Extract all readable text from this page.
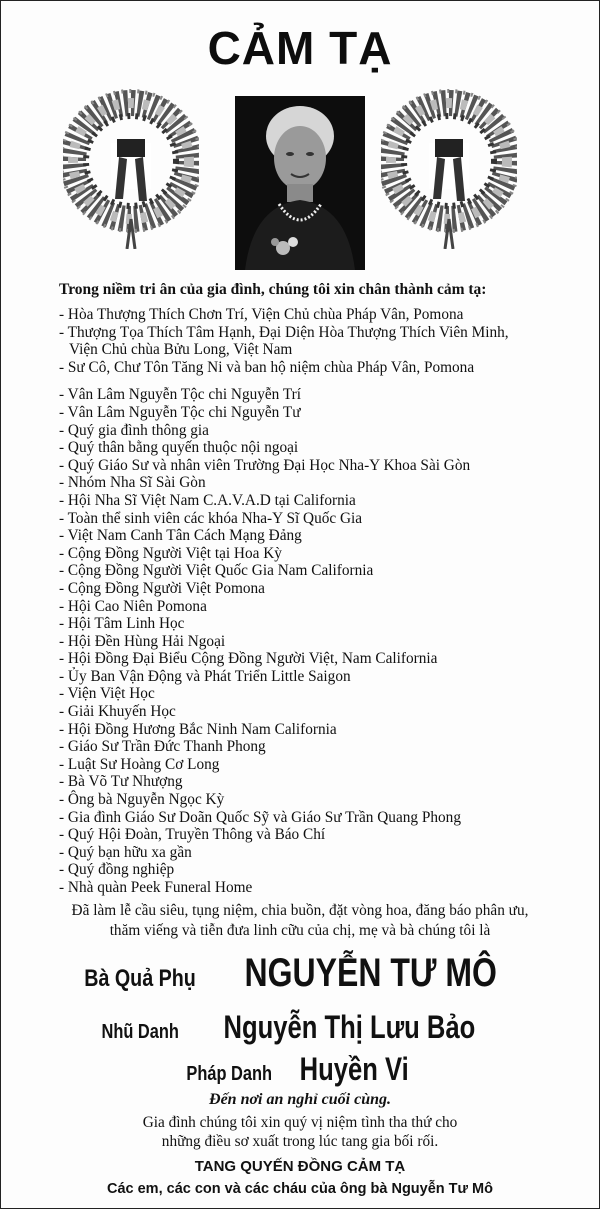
CẢM TẠ
Trong niềm tri ân của gia đình, chúng tôi xin chân thành cảm tạ:
- Hòa Thượng Thích Chơn Trí, Viện Chủ chùa Pháp Vân, Pomona
- Thượng Tọa Thích Tâm Hạnh, Đại Diện Hòa Thượng Thích Viên Minh,
Viện Chủ chùa Bửu Long, Việt Nam
- Sư Cô, Chư Tôn Tăng Ni và ban hộ niệm chùa Pháp Vân, Pomona
- Vân Lâm Nguyễn Tộc chi Nguyễn Trí
- Vân Lâm Nguyễn Tộc chi Nguyễn Tư
- Quý gia đình thông gia
- Quý thân bằng quyến thuộc nội ngoại
- Quý Giáo Sư và nhân viên Trường Đại Học Nha-Y Khoa Sài Gòn
- Nhóm Nha Sĩ Sài Gòn
- Hội Nha Sĩ Việt Nam C.A.V.A.D tại California
- Toàn thể sinh viên các khóa Nha-Y Sĩ Quốc Gia
- Việt Nam Canh Tân Cách Mạng Đảng
- Cộng Đồng Người Việt tại Hoa Kỳ
- Cộng Đồng Người Việt Quốc Gia Nam California
- Cộng Đồng Người Việt Pomona
- Hội Cao Niên Pomona
- Hội Tâm Linh Học
- Hội Đền Hùng Hải Ngoại
- Hội Đồng Đại Biểu Cộng Đồng Người Việt, Nam California
- Ủy Ban Vận Động và Phát Triển Little Saigon
- Viện Việt Học
- Giải Khuyến Học
- Hội Đồng Hương Bắc Ninh Nam California
- Giáo Sư Trần Đức Thanh Phong
- Luật Sư Hoàng Cơ Long
- Bà Võ Tư Nhượng
- Ông bà Nguyễn Ngọc Kỳ
- Gia đình Giáo Sư Doãn Quốc Sỹ và Giáo Sư Trần Quang Phong
- Quý Hội Đoàn, Truyền Thông và Báo Chí
- Quý bạn hữu xa gần
- Quý đồng nghiệp
- Nhà quàn Peek Funeral Home
Đã làm lễ cầu siêu, tụng niệm, chia buồn, đặt vòng hoa, đăng báo phân ưu,
thăm viếng và tiễn đưa linh cữu của chị, mẹ và bà chúng tôi là
Bà Quả Phụ NGUYỄN TƯ MÔ
Nhũ Danh Nguyễn Thị Lưu Bảo
Pháp Danh Huyền Vi
Đến nơi an nghỉ cuối cùng.
Gia đình chúng tôi xin quý vị niệm tình tha thứ cho
những điều sơ xuất trong lúc tang gia bối rối.
TANG QUYẾN ĐỒNG CẢM TẠ
Các em, các con và các cháu của ông bà Nguyễn Tư Mô
